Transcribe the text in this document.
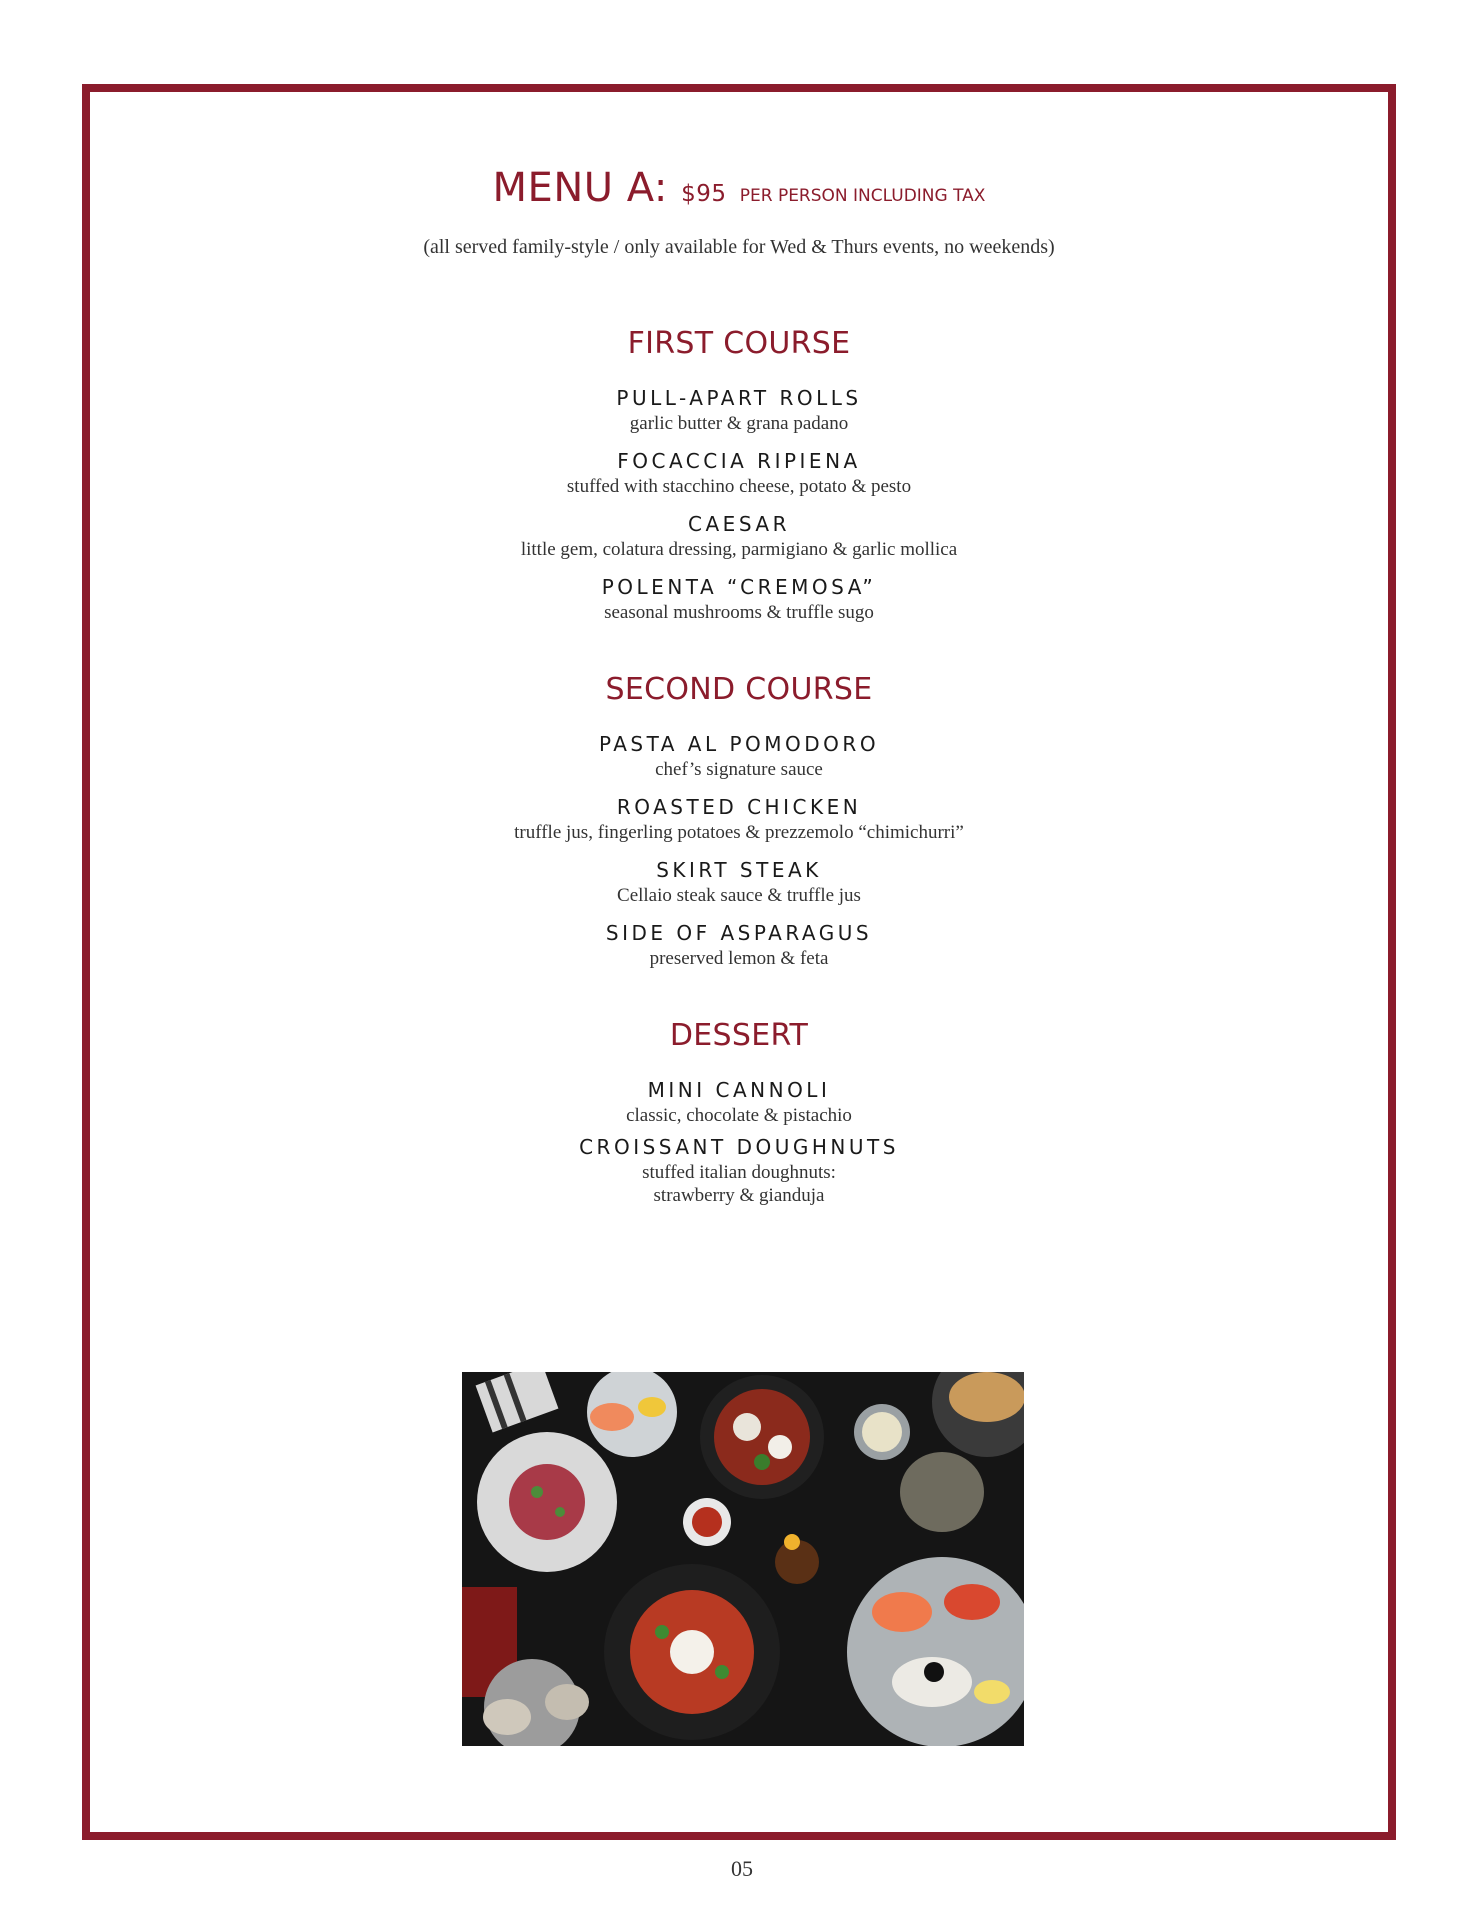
MENU A: $95 PER PERSON INCLUDING TAX
(all served family-style / only available for Wed & Thurs events, no weekends)
FIRST COURSE
PULL-APART ROLLS
garlic butter & grana padano
FOCACCIA RIPIENA
stuffed with stacchino cheese, potato & pesto
CAESAR
little gem, colatura dressing, parmigiano & garlic mollica
POLENTA “CREMOSA”
seasonal mushrooms & truffle sugo
SECOND COURSE
PASTA AL POMODORO
chef’s signature sauce
ROASTED CHICKEN
truffle jus, fingerling potatoes & prezzemolo “chimichurri”
SKIRT STEAK
Cellaio steak sauce & truffle jus
SIDE OF ASPARAGUS
preserved lemon & feta
DESSERT
MINI CANNOLI
classic, chocolate & pistachio
CROISSANT DOUGHNUTS
stuffed italian doughnuts:
strawberry & gianduja
05
